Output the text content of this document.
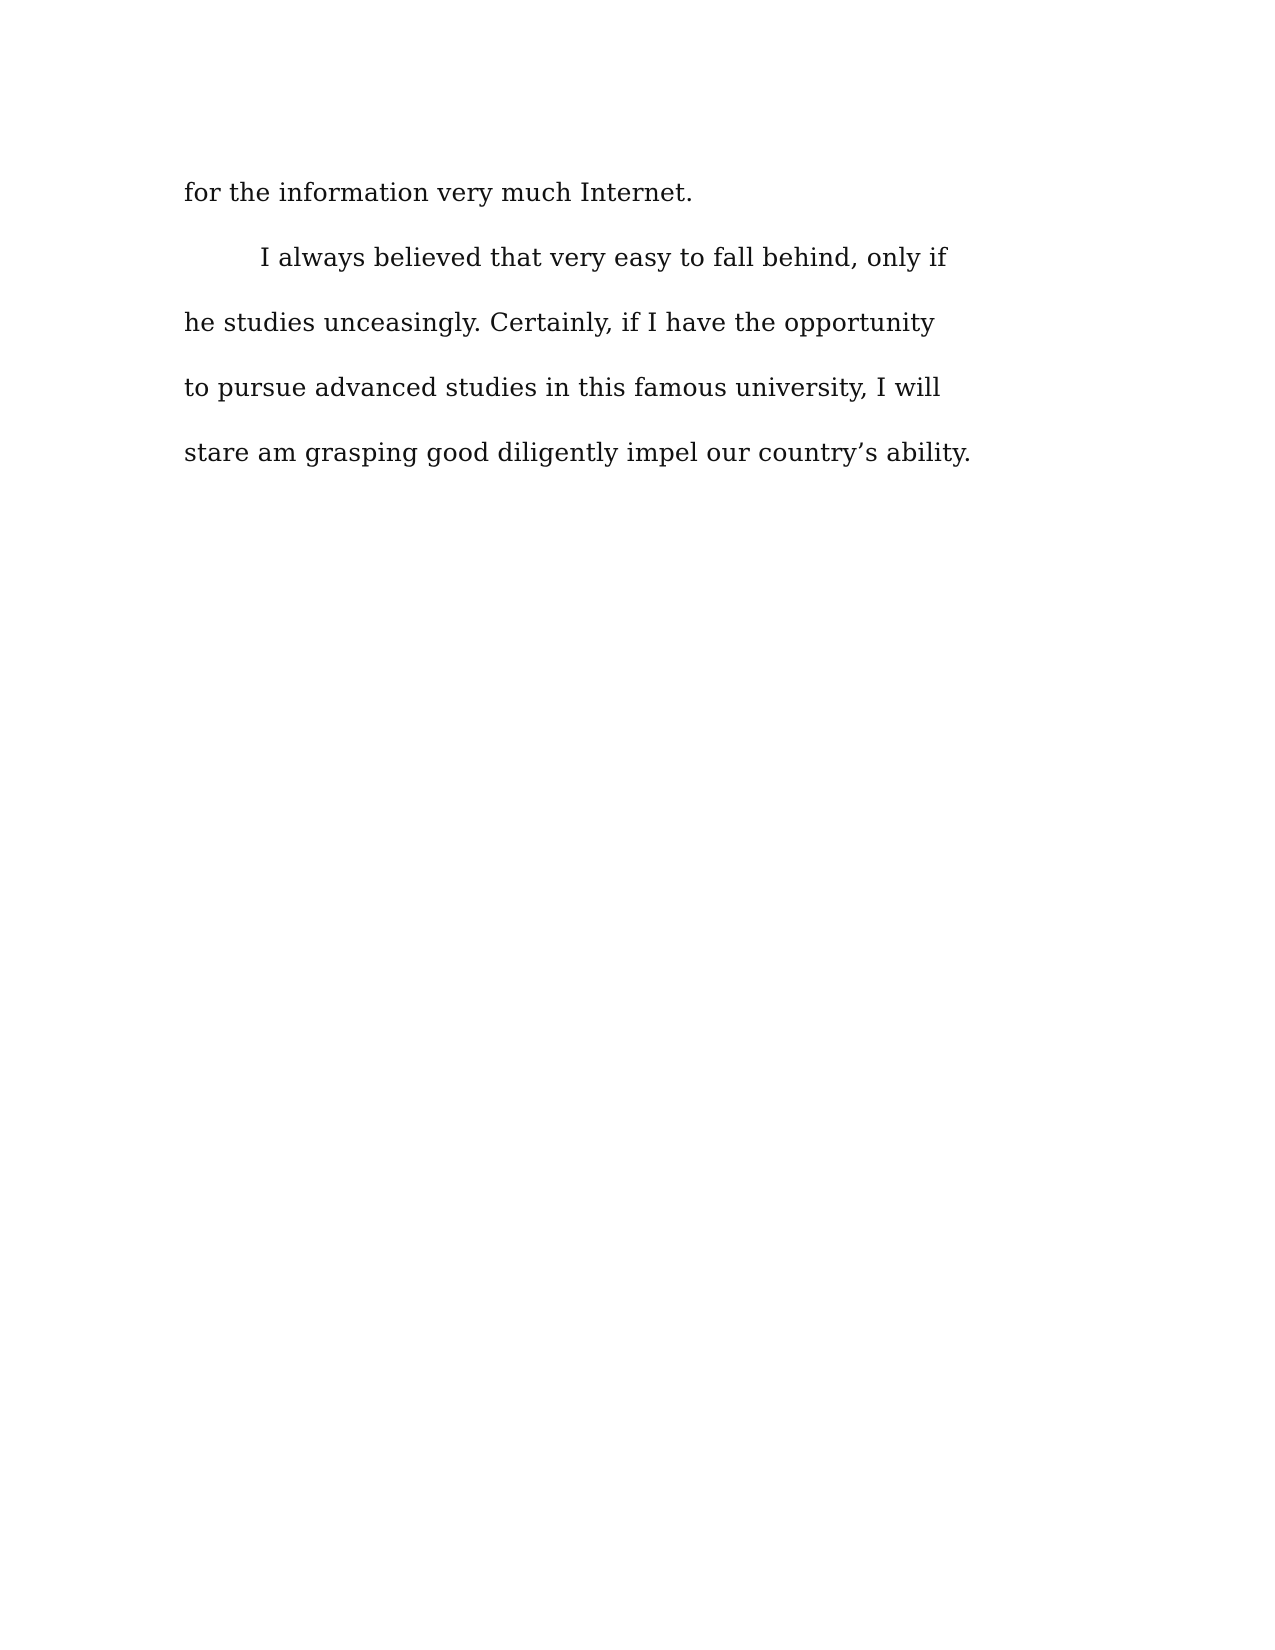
for the information very much Internet.
I always believed that very easy to fall behind, only if
he studies unceasingly. Certainly, if I have the opportunity
to pursue advanced studies in this famous university, I will
stare am grasping good diligently impel our country’s ability.
